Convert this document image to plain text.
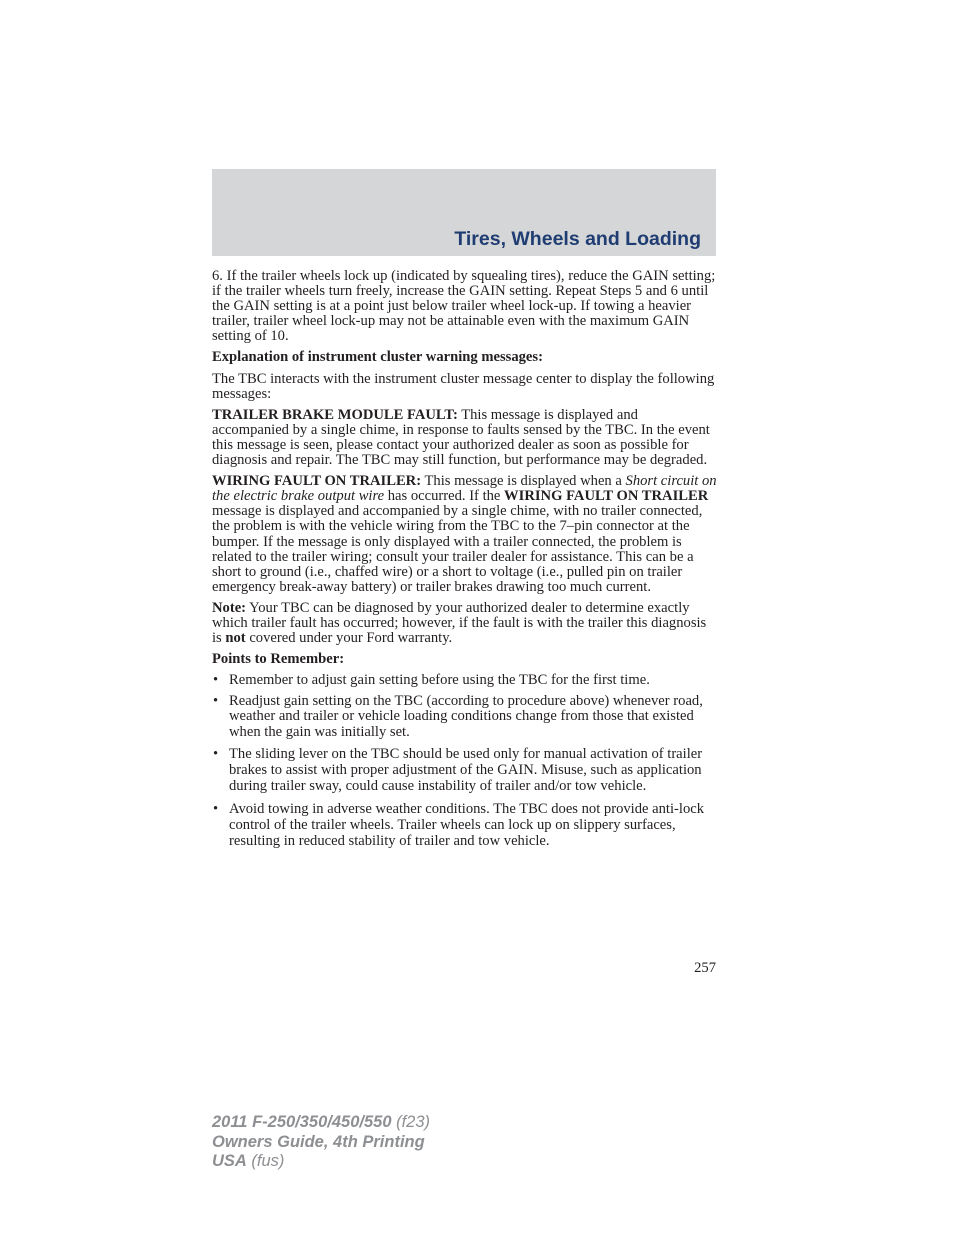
Tires, Wheels and Loading

6. If the trailer wheels lock up (indicated by squealing tires), reduce the GAIN setting; if the trailer wheels turn freely, increase the GAIN setting. Repeat Steps 5 and 6 until the GAIN setting is at a point just below trailer wheel lock-up. If towing a heavier trailer, trailer wheel lock-up may not be attainable even with the maximum GAIN setting of 10.

Explanation of instrument cluster warning messages:

The TBC interacts with the instrument cluster message center to display the following messages:

TRAILER BRAKE MODULE FAULT: This message is displayed and accompanied by a single chime, in response to faults sensed by the TBC. In the event this message is seen, please contact your authorized dealer as soon as possible for diagnosis and repair. The TBC may still function, but performance may be degraded.

WIRING FAULT ON TRAILER: This message is displayed when a Short circuit on the electric brake output wire has occurred. If the WIRING FAULT ON TRAILER message is displayed and accompanied by a single chime, with no trailer connected, the problem is with the vehicle wiring from the TBC to the 7–pin connector at the bumper. If the message is only displayed with a trailer connected, the problem is related to the trailer wiring; consult your trailer dealer for assistance. This can be a short to ground (i.e., chaffed wire) or a short to voltage (i.e., pulled pin on trailer emergency break-away battery) or trailer brakes drawing too much current.

Note: Your TBC can be diagnosed by your authorized dealer to determine exactly which trailer fault has occurred; however, if the fault is with the trailer this diagnosis is not covered under your Ford warranty.

Points to Remember:

• Remember to adjust gain setting before using the TBC for the first time.
• Readjust gain setting on the TBC (according to procedure above) whenever road, weather and trailer or vehicle loading conditions change from those that existed when the gain was initially set.
• The sliding lever on the TBC should be used only for manual activation of trailer brakes to assist with proper adjustment of the GAIN. Misuse, such as application during trailer sway, could cause instability of trailer and/or tow vehicle.
• Avoid towing in adverse weather conditions. The TBC does not provide anti-lock control of the trailer wheels. Trailer wheels can lock up on slippery surfaces, resulting in reduced stability of trailer and tow vehicle.
257
2011 F-250/350/450/550 (f23)
Owners Guide, 4th Printing
USA (fus)
